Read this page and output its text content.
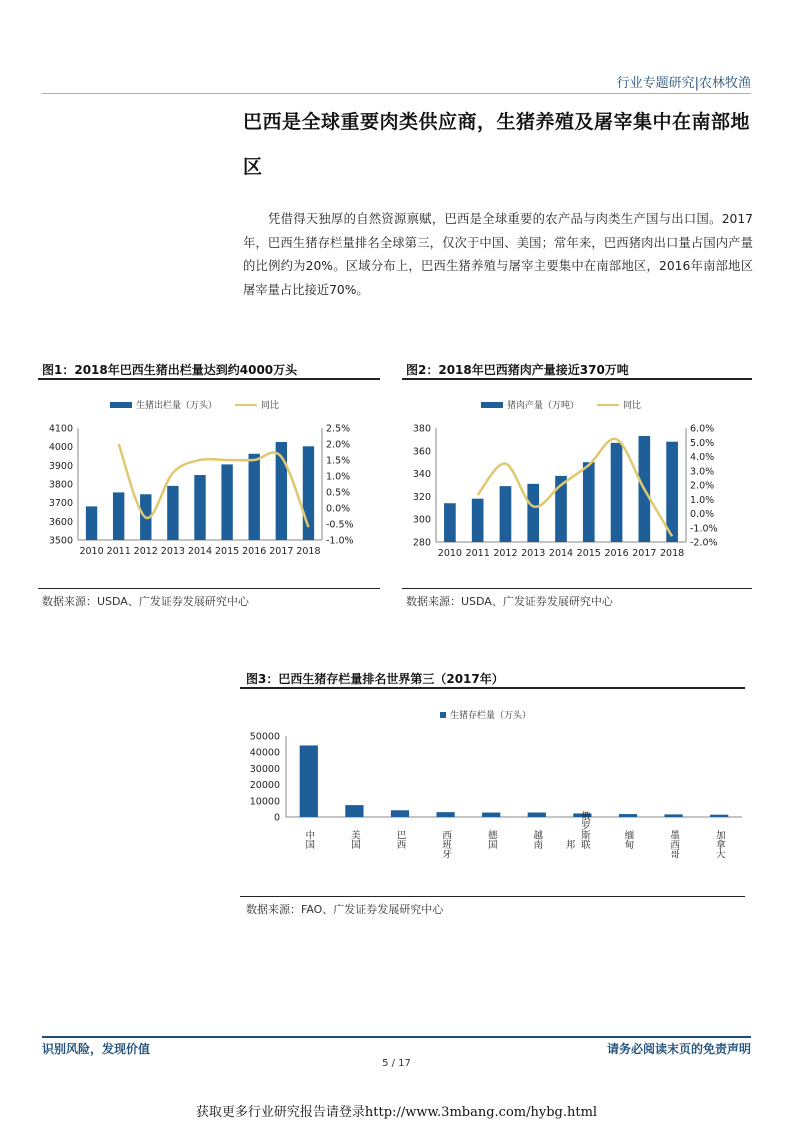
行业专题研究|农林牧渔
巴西是全球重要肉类供应商，生猪养殖及屠宰集中在南部地区
凭借得天独厚的自然资源禀赋，巴西是全球重要的农产品与肉类生产国与出口国。2017年，巴西生猪存栏量排名全球第三，仅次于中国、美国；常年来，巴西猪肉出口量占国内产量的比例约为20%。区域分布上，巴西生猪养殖与屠宰主要集中在南部地区，2016年南部地区屠宰量占比接近70%。
图1：2018年巴西生猪出栏量达到约4000万头
生猪出栏量（万头）	同比
3500
3600
3700
3800
3900
4000
4100
-1.0%
-0.5%
0.0%
0.5%
1.0%
1.5%
2.0%
2.5%
2010 2011 2012 2013 2014 2015 2016 2017 2018
数据来源：USDA、广发证券发展研究中心
图2：2018年巴西猪肉产量接近370万吨
猪肉产量（万吨）	同比
280
300
320
340
360
380
-2.0%
-1.0%
0.0%
1.0%
2.0%
3.0%
4.0%
5.0%
6.0%
2010 2011 2012 2013 2014 2015 2016 2017 2018
数据来源：USDA、广发证券发展研究中心
图3：巴西生猪存栏量排名世界第三（2017年）
生猪存栏量（万头）
0
10000
20000
30000
40000
50000
中国	美国	巴西	西班牙	德国	越南 邦 俄罗斯联	缅甸	墨西哥	加拿大
数据来源：FAO、广发证券发展研究中心
识别风险，发现价值	请务必阅读末页的免责声明
5 / 17
获取更多行业研究报告请登录http://www.3mbang.com/hybg.html
